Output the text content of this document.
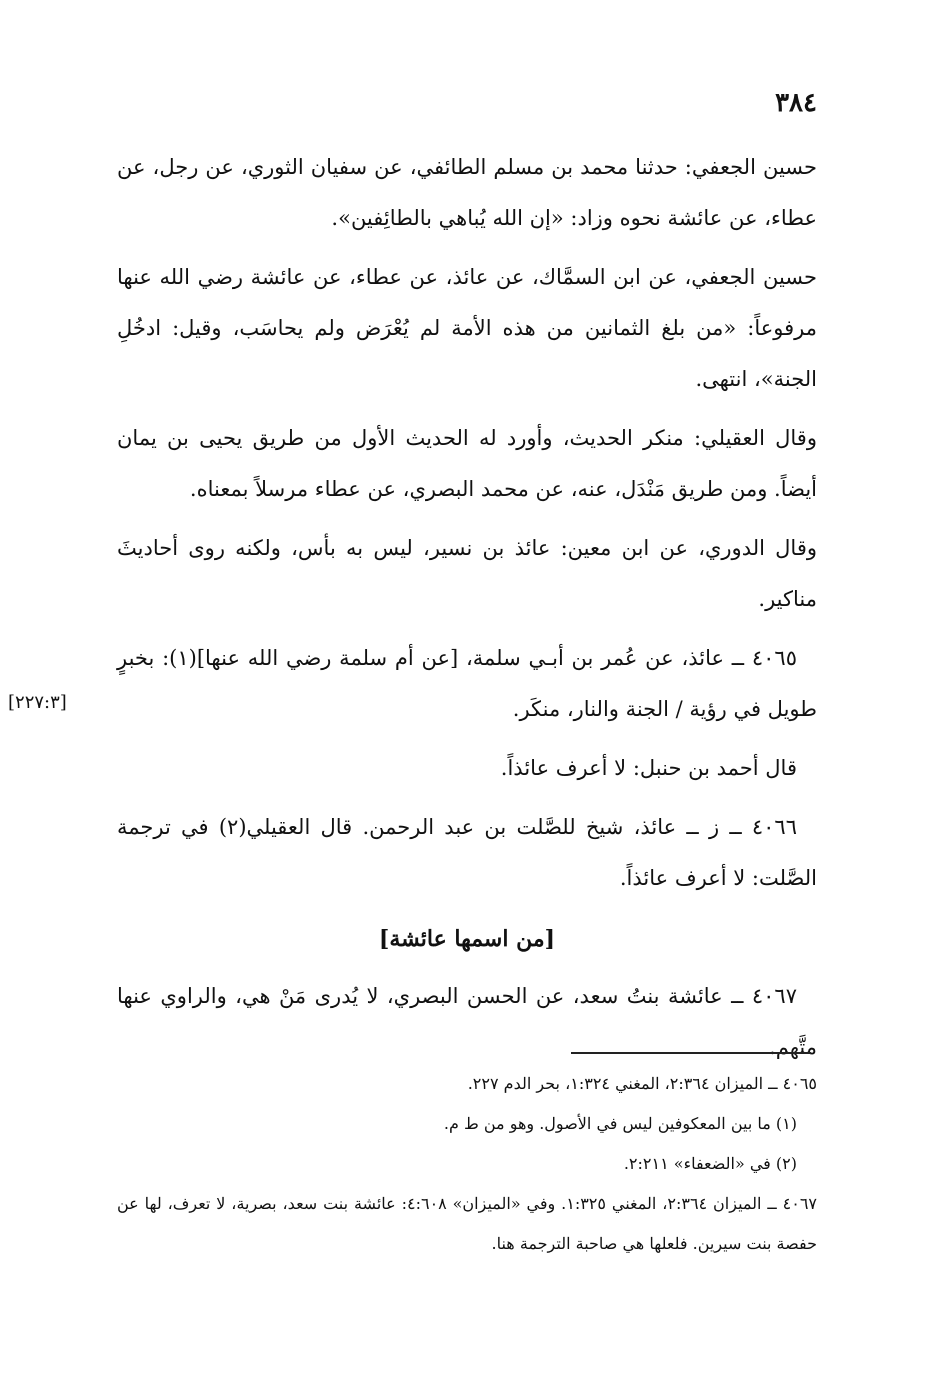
٣٨٤
[٢٢٧:٣]

حسين الجعفي: حدثنا محمد بن مسلم الطائفي، عن سفيان الثوري، عن رجل، عن عطاء، عن عائشة نحوه وزاد: «إن الله يُباهي بالطائِفين».

حسين الجعفي، عن ابن السمَّاك، عن عائذ، عن عطاء، عن عائشة رضي الله عنها مرفوعاً: «من بلغ الثمانين من هذه الأمة لم يُعْرَض ولم يحاسَب، وقيل: ادخُلِ الجنة»، انتهى.

وقال العقيلي: منكر الحديث، وأورد له الحديث الأول من طريق يحيى بن يمان أيضاً. ومن طريق مَنْدَل، عنه، عن محمد البصري، عن عطاء مرسلاً بمعناه.

وقال الدوري، عن ابن معين: عائذ بن نسير، ليس به بأس، ولكنه روى أحاديثَ مناكير.

٤٠٦٥ ــ عائذ، عن عُمر بن أبـي سلمة، [عن أم سلمة رضي الله عنها](١): بخبرٍ طويل في رؤية / الجنة والنار، منكَر.

قال أحمد بن حنبل: لا أعرف عائذاً.

٤٠٦٦ ــ ز ــ عائذ، شيخ للصَّلت بن عبد الرحمن. قال العقيلي(٢) في ترجمة الصَّلت: لا أعرف عائذاً.

[من اسمها عائشة]

٤٠٦٧ ــ عائشة بنتُ سعد، عن الحسن البصري، لا يُدرى مَنْ هي، والراوي عنها متَّهم.

٤٠٦٥ ــ الميزان ٢:٣٦٤، المغني ١:٣٢٤، بحر الدم ٢٢٧.

(١) ما بين المعكوفين ليس في الأصول. وهو من ط م.

(٢) في «الضعفاء» ٢:٢١١.

٤٠٦٧ ــ الميزان ٢:٣٦٤، المغني ١:٣٢٥. وفي «الميزان» ٤:٦٠٨: عائشة بنت سعد، بصرية، لا تعرف، لها عن حفصة بنت سيرين. فلعلها هي صاحبة الترجمة هنا.
